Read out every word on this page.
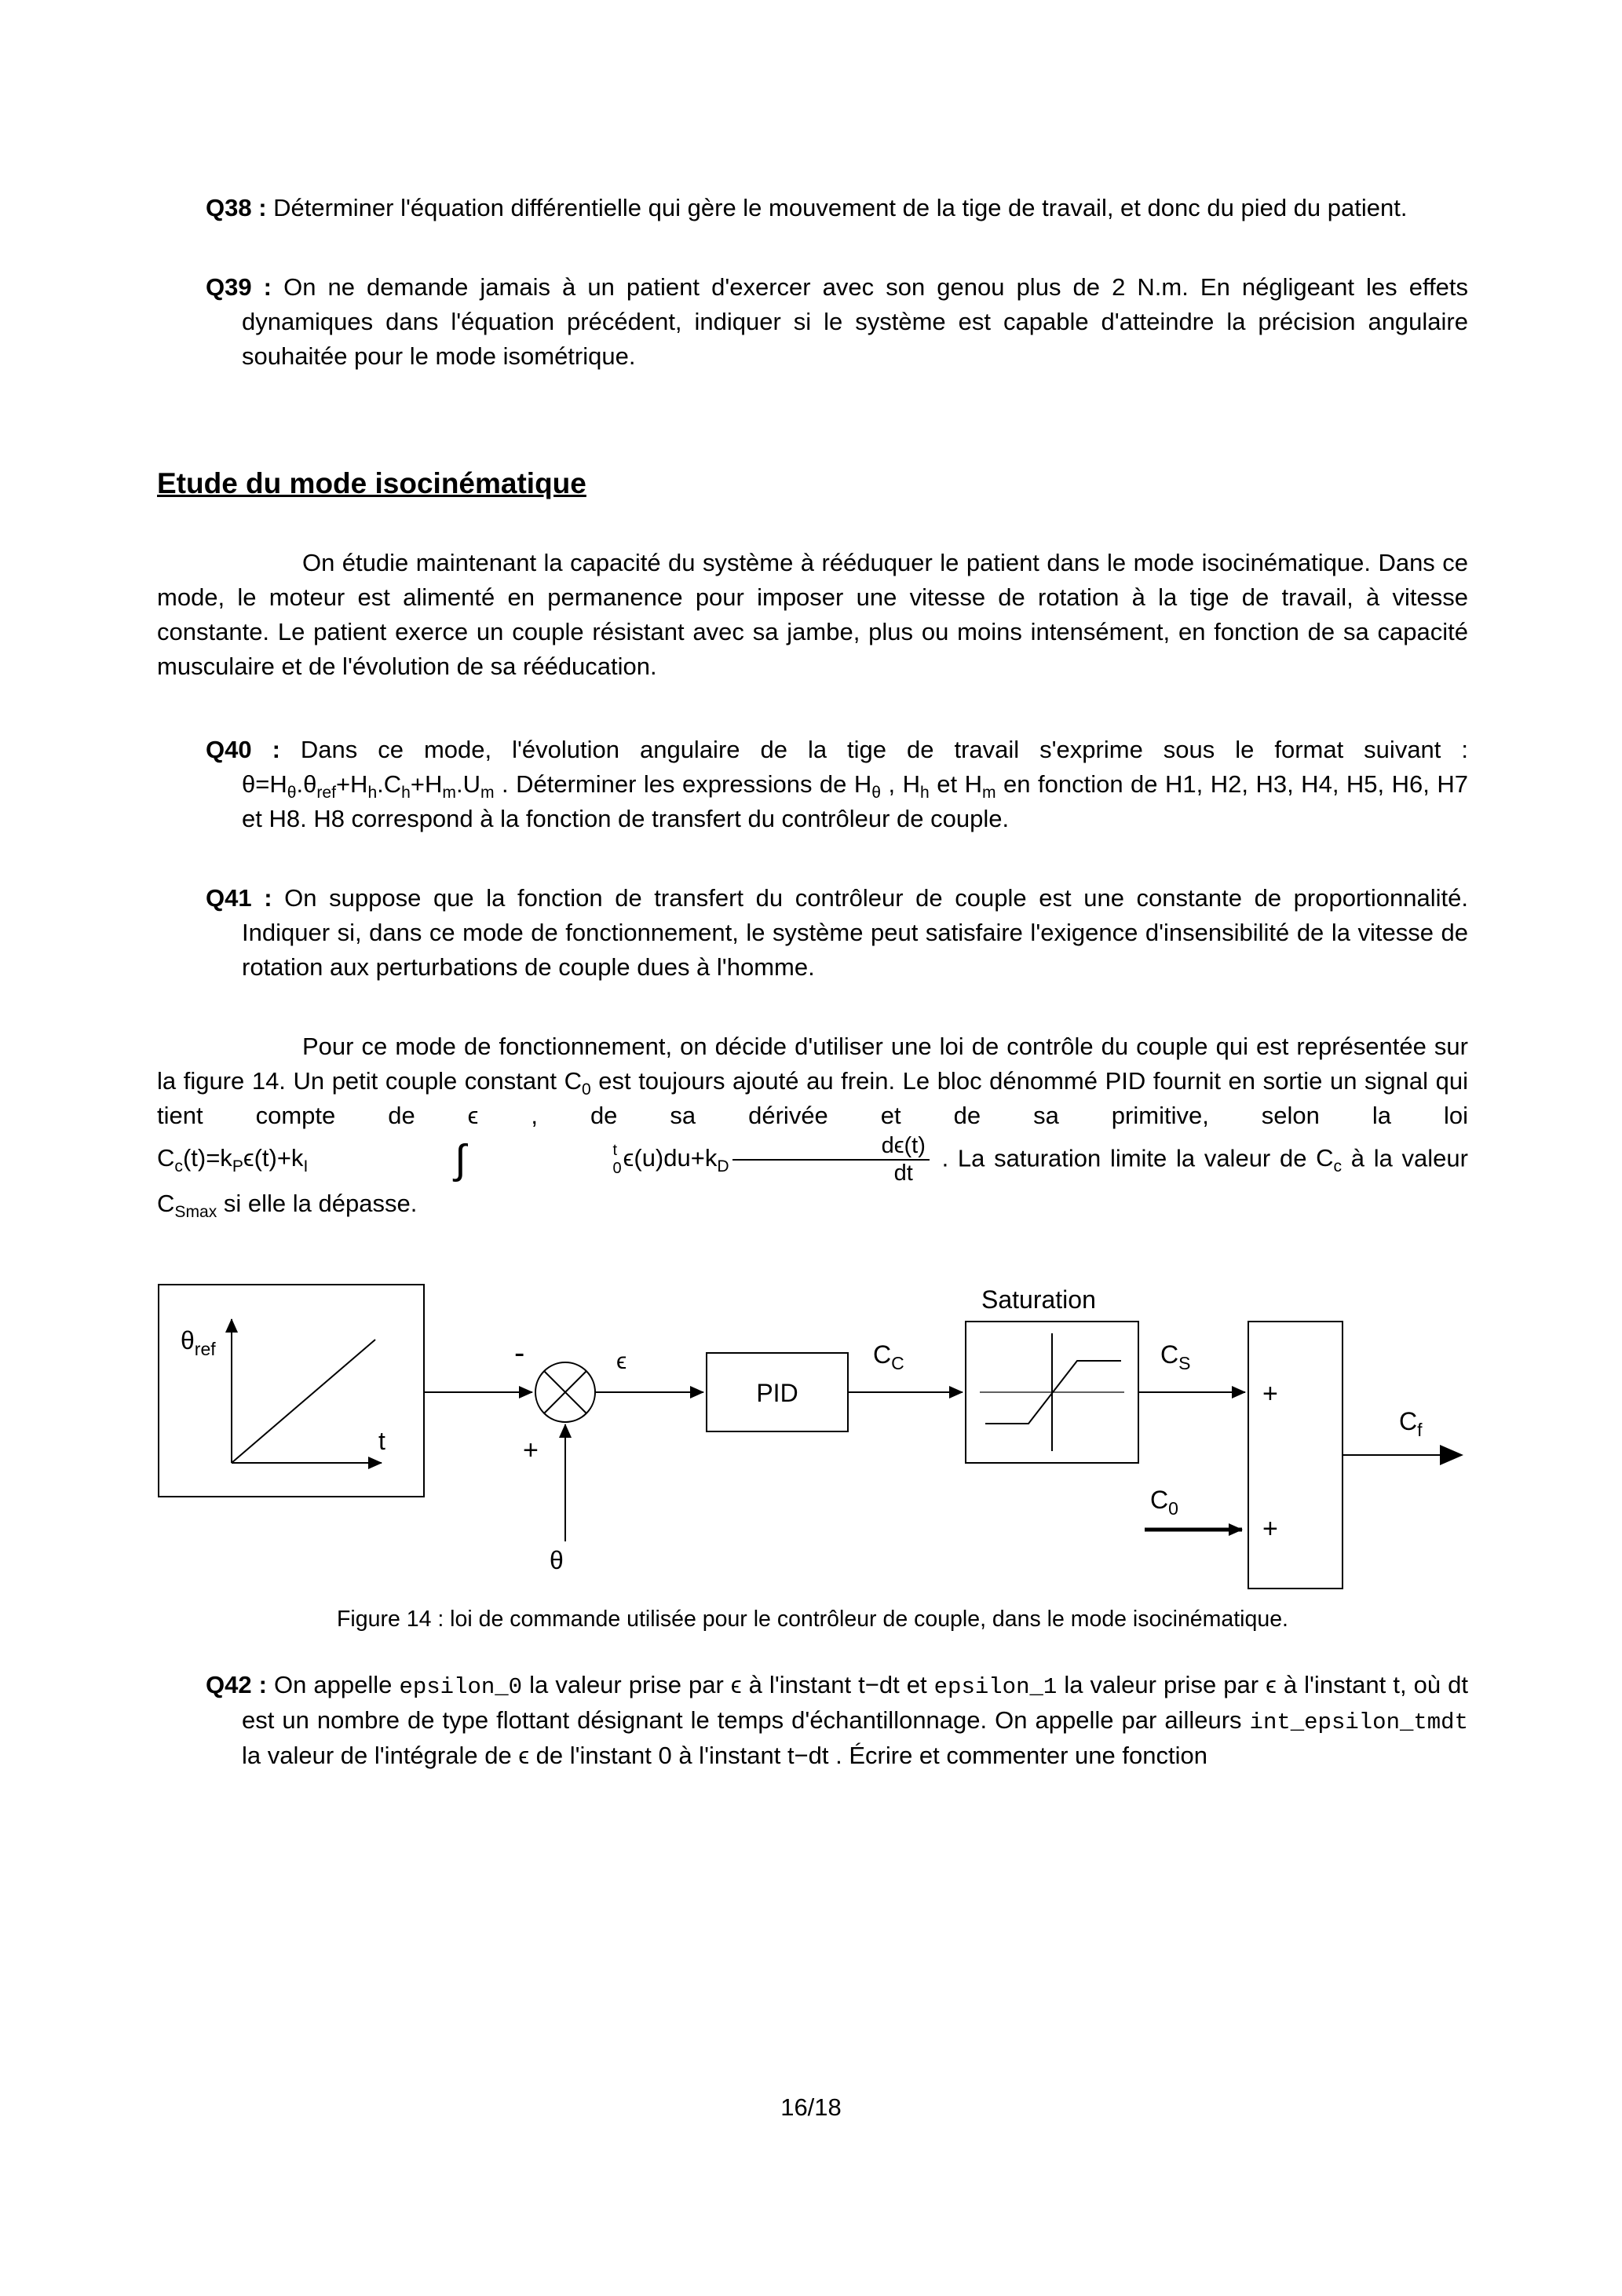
Q38 : Déterminer l'équation différentielle qui gère le mouvement de la tige de travail, et donc du pied du patient.

Q39 : On ne demande jamais à un patient d'exercer avec son genou plus de 2 N.m. En négligeant les effets dynamiques dans l'équation précédent, indiquer si le système est capable d'atteindre la précision angulaire souhaitée pour le mode isométrique.

Etude du mode isocinématique

On étudie maintenant la capacité du système à rééduquer le patient dans le mode isocinématique. Dans ce mode, le moteur est alimenté en permanence pour imposer une vitesse de rotation à la tige de travail, à vitesse constante. Le patient exerce un couple résistant avec sa jambe, plus ou moins intensément, en fonction de sa capacité musculaire et de l'évolution de sa rééducation.

Q40 : Dans ce mode, l'évolution angulaire de la tige de travail s'exprime sous le format suivant : $\theta=H_\theta.\theta_{ref}+H_h.C_h+H_m.U_m$ . Déterminer les expressions de $H_\theta$ , $H_h$ et $H_m$ en fonction de H1, H2, H3, H4, H5, H6, H7 et H8. H8 correspond à la fonction de transfert du contrôleur de couple.

Q41 : On suppose que la fonction de transfert du contrôleur de couple est une constante de proportionnalité. Indiquer si, dans ce mode de fonctionnement, le système peut satisfaire l'exigence d'insensibilité de la vitesse de rotation aux perturbations de couple dues à l'homme.

Pour ce mode de fonctionnement, on décide d'utiliser une loi de contrôle du couple qui est représentée sur la figure 14. Un petit couple constant $C_0$ est toujours ajouté au frein. Le bloc dénommé PID fournit en sortie un signal qui tient compte de ϵ , de sa dérivée et de sa primitive, selon la loi $C_c(t)=k_P\epsilon(t)+k_I$	∫	t
0 $\epsilon(u)du+k_D \frac{d\epsilon(t)}{dt}$ . La saturation limite la valeur de $C_c$ à la valeur $C_{Smax}$ si elle la dépasse.

$\theta_{ref}$
t
-
+
θ
ϵ
PID
$C_C$
Saturation
$C_S$
$C_0$
+
+
$C_f$

Figure 14 : loi de commande utilisée pour le contrôleur de couple, dans le mode isocinématique.

Q42 : On appelle epsilon_0 la valeur prise par ϵ à l'instant t−dt et epsilon_1 la valeur prise par ϵ à l'instant t, où dt est un nombre de type flottant désignant le temps d'échantillonnage. On appelle par ailleurs int_epsilon_tmdt la valeur de l'intégrale de ϵ de l'instant 0 à l'instant t−dt . Écrire et commenter une fonction

16/18
